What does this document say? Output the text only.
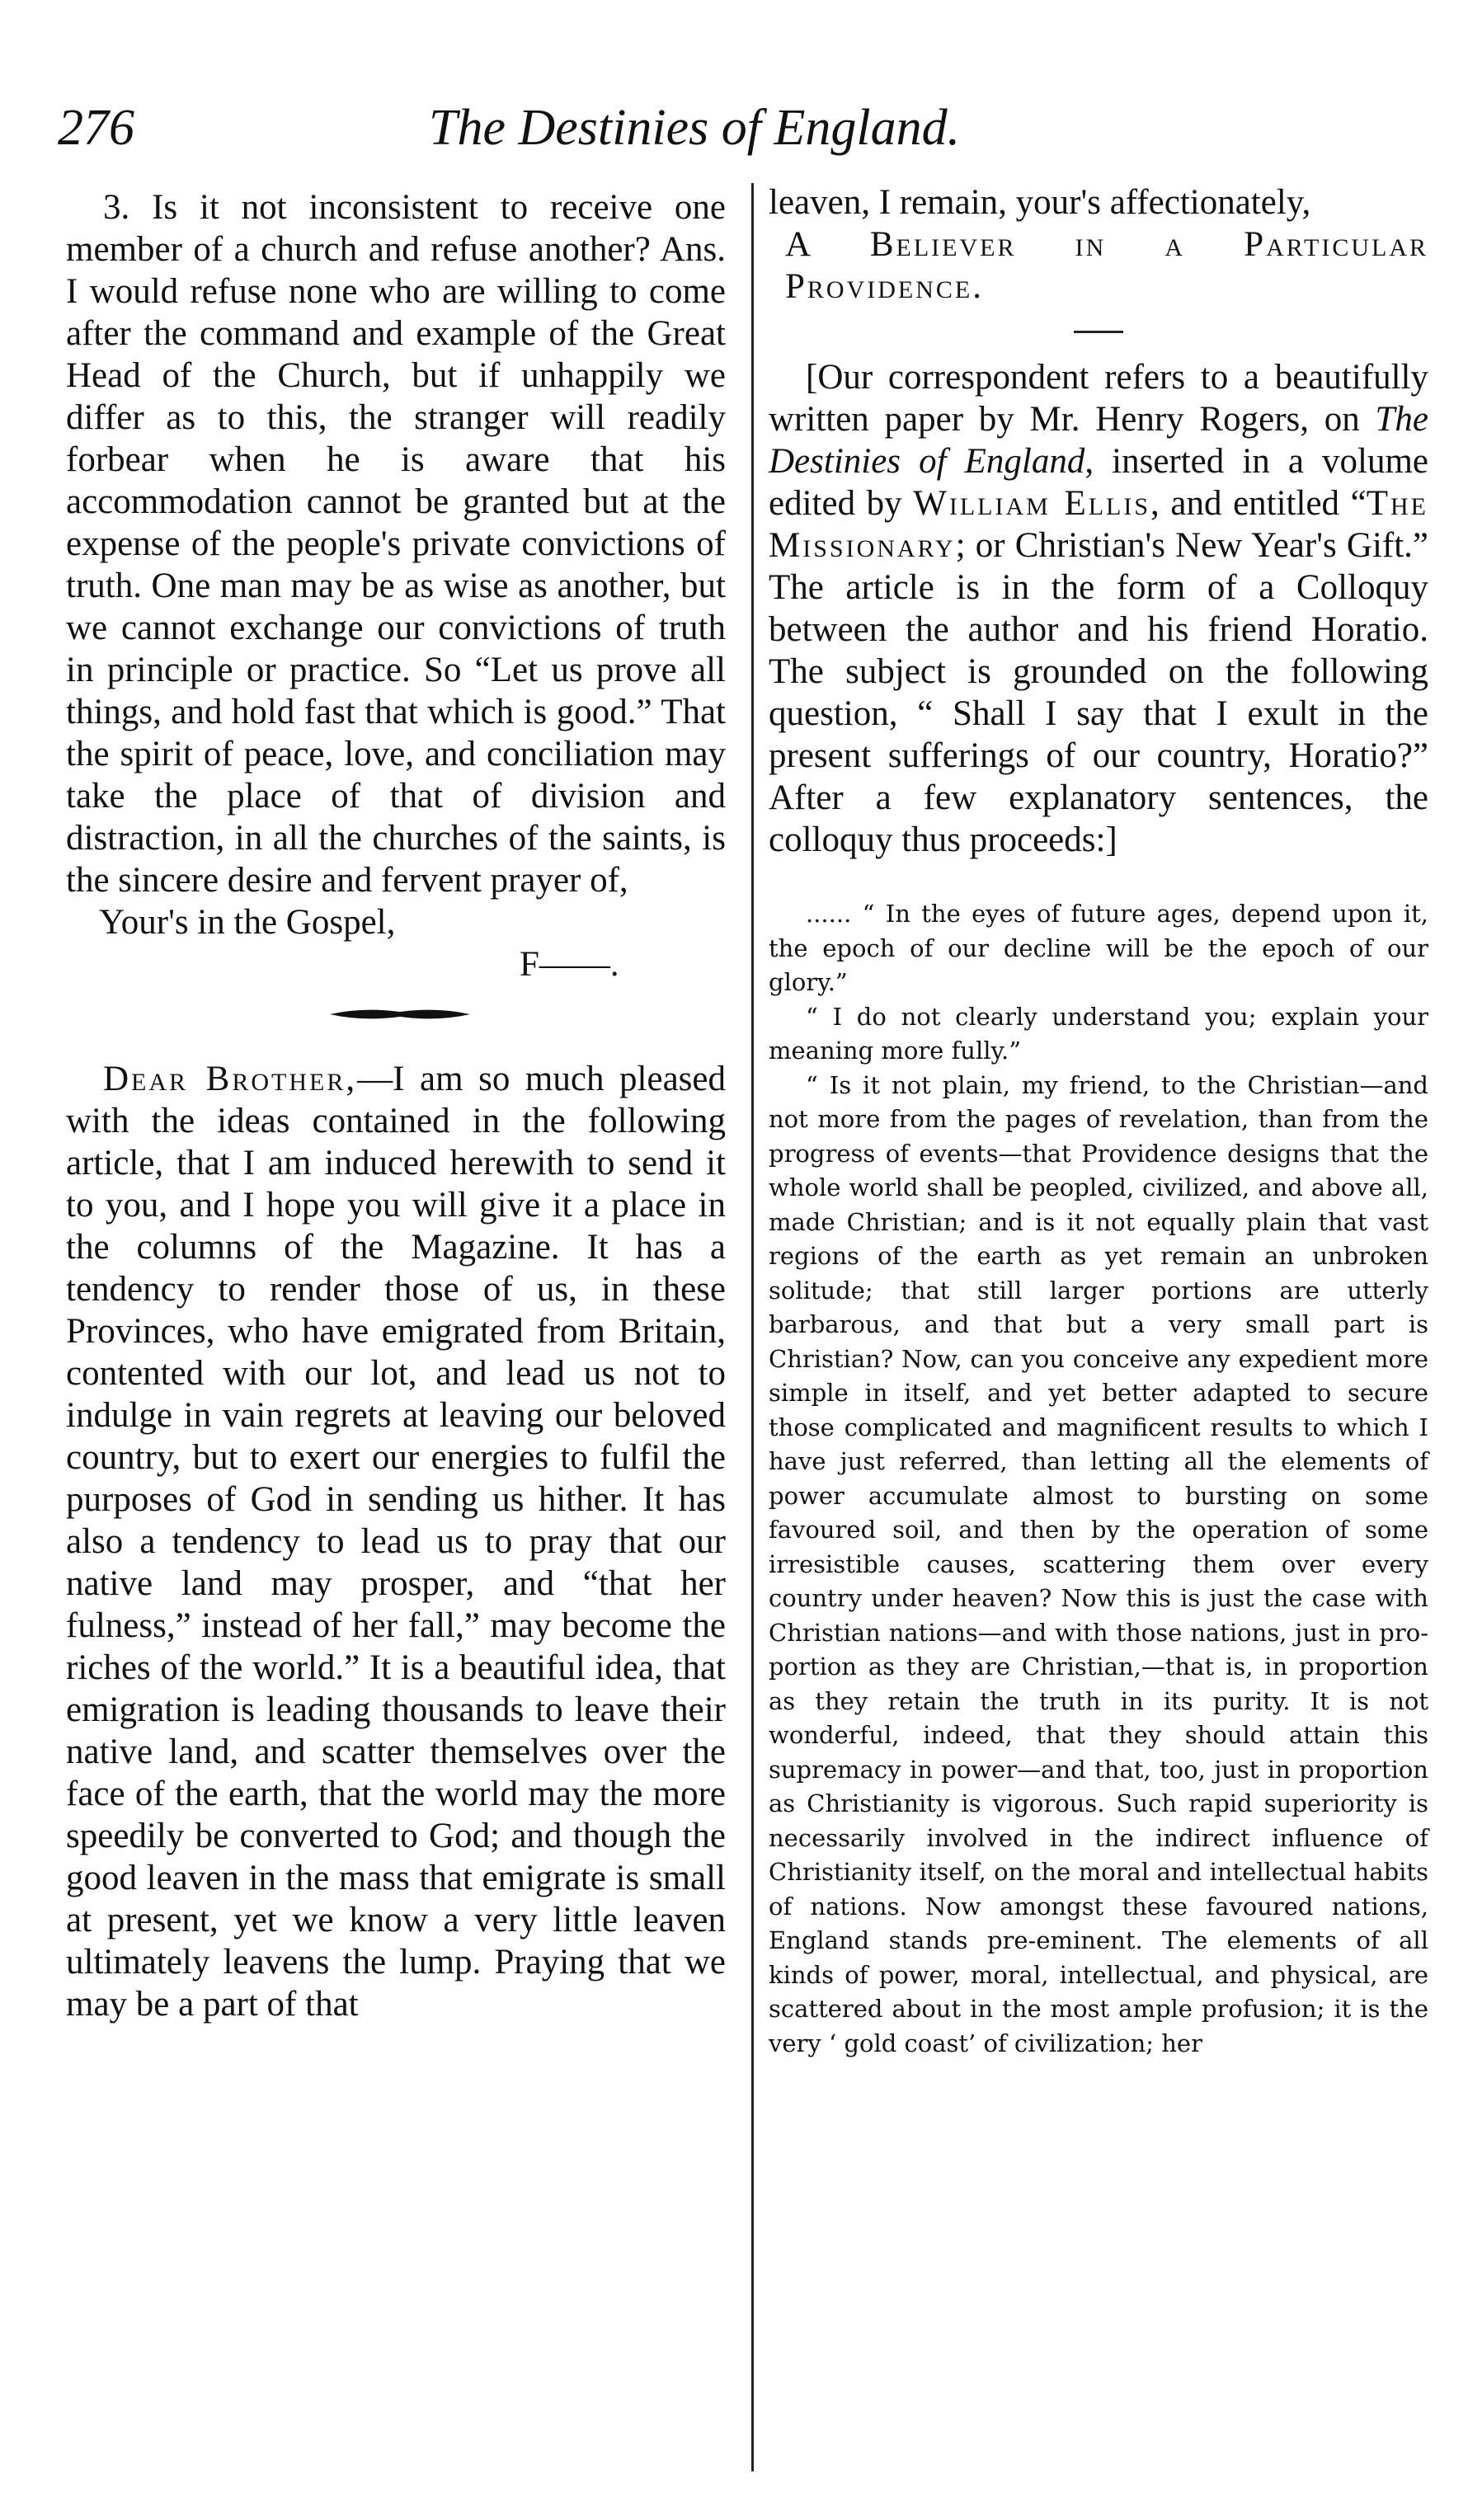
276	The Destinies of England.

3. Is it not inconsistent to receive one member of a church and refuse another? Ans. I would refuse none who are willing to come after the command and example of the Great Head of the Church, but if unhappily we differ as to this, the stranger will readily forbear when he is aware that his accommodation cannot be granted but at the expense of the people's private convictions of truth. One man may be as wise as another, but we cannot exchange our convictions of truth in principle or practice. So “Let us prove all things, and hold fast that which is good.” That the spirit of peace, love, and conciliation may take the place of that of division and distraction, in all the churches of the saints, is the sincere desire and fervent prayer of,

Your's in the Gospel,

F——.

Dear Brother,—I am so much pleased with the ideas contained in the following article, that I am induced herewith to send it to you, and I hope you will give it a place in the columns of the Magazine. It has a tendency to render those of us, in these Provinces, who have emigrated from Britain, contented with our lot, and lead us not to indulge in vain regrets at leaving our beloved country, but to exert our energies to fulfil the purposes of God in sending us hither. It has also a tendency to lead us to pray that our native land may prosper, and “that her fulness,” instead of her fall,” may become the riches of the world.” It is a beautiful idea, that emigration is leading thousands to leave their native land, and scatter themselves over the face of the earth, that the world may the more speedily be converted to God; and though the good leaven in the mass that emigrate is small at present, yet we know a very little leaven ultimately leavens the lump. Praying that we may be a part of that

leaven, I remain, your's affectionately,

A Believer in a Particular Providence.

[Our correspondent refers to a beautifully written paper by Mr. Henry Rogers, on The Destinies of England, inserted in a volume edited by William Ellis, and entitled “The Missionary; or Christian's New Year's Gift.” The article is in the form of a Colloquy between the author and his friend Horatio. The subject is grounded on the following question, “ Shall I say that I exult in the present sufferings of our country, Horatio?” After a few explanatory sentences, the colloquy thus proceeds:]

...... “ In the eyes of future ages, depend upon it, the epoch of our decline will be the epoch of our glory.”

“ I do not clearly understand you; explain your meaning more fully.”

“ Is it not plain, my friend, to the Christian—and not more from the pages of revelation, than from the progress of events—that Providence designs that the whole world shall be peopled, civilized, and above all, made Christian; and is it not equally plain that vast regions of the earth as yet remain an unbroken solitude; that still larger portions are utterly barbarous, and that but a very small part is Christian? Now, can you conceive any expedient more simple in itself, and yet better adapted to secure those complicated and magnificent results to which I have just referred, than letting all the elements of power accumulate almost to bursting on some favoured soil, and then by the operation of some irresistible causes, scattering them over every country under heaven? Now this is just the case with Christian nations—and with those nations, just in pro-portion as they are Christian,—that is, in proportion as they retain the truth in its purity. It is not wonderful, indeed, that they should attain this supremacy in power—and that, too, just in proportion as Christianity is vigorous. Such rapid superiority is necessarily involved in the indirect influence of Christianity itself, on the moral and intellectual habits of nations. Now amongst these favoured nations, England stands pre-eminent. The elements of all kinds of power, moral, intellectual, and physical, are scattered about in the most ample profusion; it is the very ‘ gold coast’ of civilization; her
